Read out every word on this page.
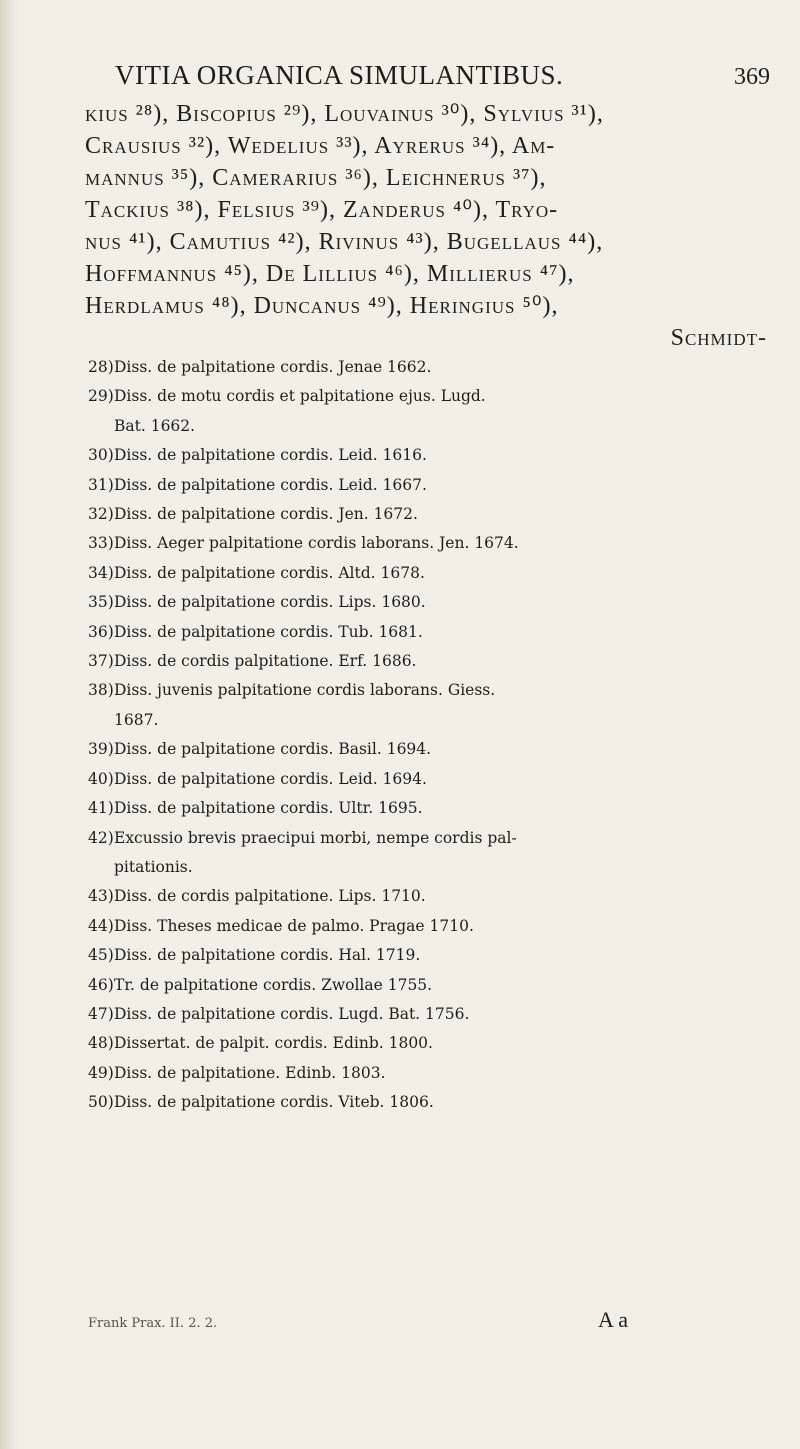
VITIA ORGANICA SIMULANTIBUS.	369
kius ²⁸), Biscopius ²⁹), Louvainus ³⁰), Sylvius ³¹),
Crausius ³²), Wedelius ³³), Ayrerus ³⁴), Am-
mannus ³⁵), Camerarius ³⁶), Leichnerus ³⁷),
Tackius ³⁸), Felsius ³⁹), Zanderus ⁴⁰), Tryo-
nus ⁴¹), Camutius ⁴²), Rivinus ⁴³), Bugellaus ⁴⁴),
Hoffmannus ⁴⁵), De Lillius ⁴⁶), Millierus ⁴⁷),
Herdlamus ⁴⁸), Duncanus ⁴⁹), Heringius ⁵⁰),
Schmidt-
28) Diss. de palpitatione cordis. Jenae 1662.
29) Diss. de motu cordis et palpitatione ejus. Lugd.
Bat. 1662.
30) Diss. de palpitatione cordis. Leid. 1616.
31) Diss. de palpitatione cordis. Leid. 1667.
32) Diss. de palpitatione cordis. Jen. 1672.
33) Diss. Aeger palpitatione cordis laborans. Jen. 1674.
34) Diss. de palpitatione cordis. Altd. 1678.
35) Diss. de palpitatione cordis. Lips. 1680.
36) Diss. de palpitatione cordis. Tub. 1681.
37) Diss. de cordis palpitatione. Erf. 1686.
38) Diss. juvenis palpitatione cordis laborans. Giess.
1687.
39) Diss. de palpitatione cordis. Basil. 1694.
40) Diss. de palpitatione cordis. Leid. 1694.
41) Diss. de palpitatione cordis. Ultr. 1695.
42) Excussio brevis praecipui morbi, nempe cordis pal-
pitationis.
43) Diss. de cordis palpitatione. Lips. 1710.
44) Diss. Theses medicae de palmo. Pragae 1710.
45) Diss. de palpitatione cordis. Hal. 1719.
46) Tr. de palpitatione cordis. Zwollae 1755.
47) Diss. de palpitatione cordis. Lugd. Bat. 1756.
48) Dissertat. de palpit. cordis. Edinb. 1800.
49) Diss. de palpitatione. Edinb. 1803.
50) Diss. de palpitatione cordis. Viteb. 1806.
Frank Prax. II. 2. 2.	A a
